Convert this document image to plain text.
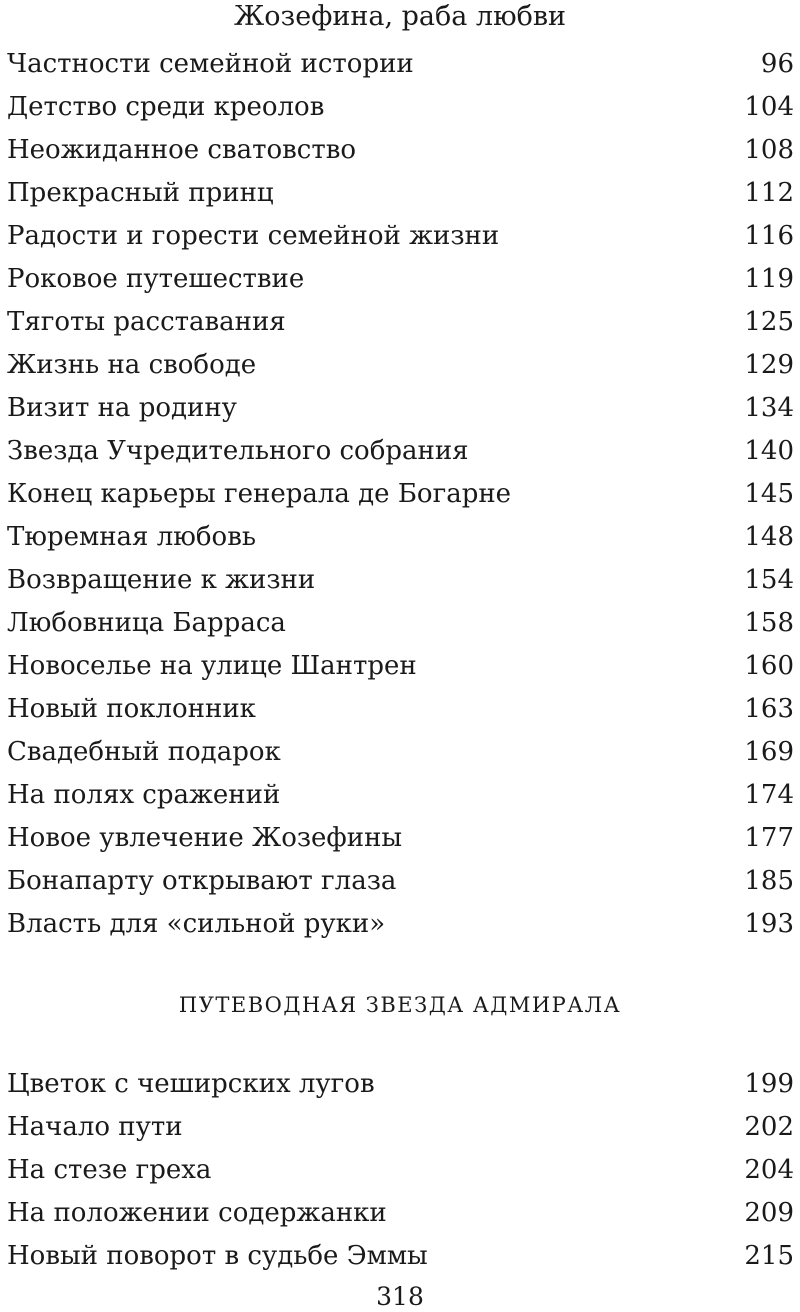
Жозефина, раба любви
Частности семейной истории	96
Детство среди креолов	104
Неожиданное сватовство	108
Прекрасный принц	112
Радости и горести семейной жизни	116
Роковое путешествие	119
Тяготы расставания	125
Жизнь на свободе	129
Визит на родину	134
Звезда Учредительного собрания	140
Конец карьеры генерала де Богарне	145
Тюремная любовь	148
Возвращение к жизни	154
Любовница Барраса	158
Новоселье на улице Шантрен	160
Новый поклонник	163
Свадебный подарок	169
На полях сражений	174
Новое увлечение Жозефины	177
Бонапарту открывают глаза	185
Власть для «сильной руки»	193
ПУТЕВОДНАЯ ЗВЕЗДА АДМИРАЛА
Цветок с чеширских лугов	199
Начало пути	202
На стезе греха	204
На положении содержанки	209
Новый поворот в судьбе Эммы	215
318
